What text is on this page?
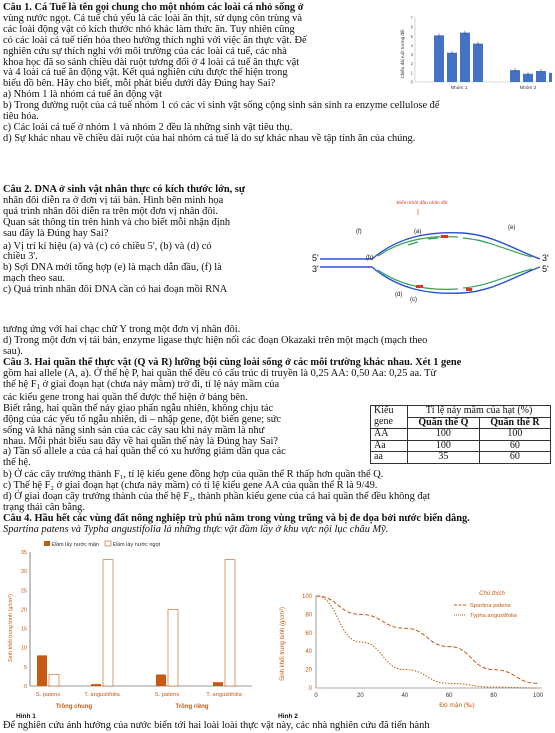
Câu 1. Cá Tuế là tên gọi chung cho một nhóm các loài cá nhỏ sống ở

vùng nước ngọt. Cá tuế chủ yếu là các loài ăn thịt, sử dụng côn trùng và

các loài động vật có kích thước nhỏ khác làm thức ăn. Tuy nhiên cũng

có các loài cá tuế tiến hóa theo hướng thích nghi với việc ăn thực vật. Để

nghiên cứu sự thích nghi với môi trường của các loài cá tuế, các nhà

khoa học đã so sánh chiều dài ruột tương đối ở 4 loài cá tuế ăn thực vật

và 4 loài cá tuế ăn động vật. Kết quả nghiên cứu được thể hiện trong

biểu đồ bên. Hãy cho biết, mỗi phát biểu dưới đây Đúng hay Sai?

a) Nhóm 1 là nhóm cá tuế ăn động vật

b) Trong đường ruột của cá tuế nhóm 1 có các vi sinh vật sống cộng sinh sản sinh ra enzyme cellulose để

tiêu hóa.

c) Các loài cá tuế ở nhóm 1 và nhóm 2 đều là những sinh vật tiêu thụ.

d) Sự khác nhau về chiều dài ruột của hai nhóm cá tuế là do sự khác nhau về tập tính ăn của chúng.

Chiều dài ruột tương đối
0
1
2
3
4
5
6
7
Nhóm 1	Nhóm 2

Câu 2. DNA ở sinh vật nhân thực có kích thước lớn, sự

nhân đôi diễn ra ở đơn vị tái bản. Hình bên minh họa

quá trình nhân đôi diễn ra trên một đơn vị nhân đôi.

Quan sát thông tin trên hình và cho biết mỗi nhận định

sau đây là Đúng hay Sai?

a) Vị trí kí hiệu (a) và (c) có chiều 5', (b) và (d) có

chiều 3'.

b) Sợi DNA mới tổng hợp (e) là mạch dẫn đầu, (f) là

mạch theo sau.

c) Quá trình nhân đôi DNA cần có hai đoạn mồi RNA

tương ứng với hai chạc chữ Y trong một đơn vị nhân đôi.

d) Trong một đơn vị tái bản, enzyme ligase thực hiện nối các đoạn Okazaki trên một mạch (mạch theo

sau).

Điểm khởi đầu nhân đôi
5'
3'
3'
5'
(f)	(a)
(e)
(b)
(d)
(c)

Câu 3. Hai quần thể thực vật (Q và R) lưỡng bội cùng loài sống ở các môi trường khác nhau. Xét 1 gene

gồm hai allele (A, a). Ở thế hệ P, hai quần thể đều có cấu trúc di truyền là 0,25 AA: 0,50 Aa: 0,25 aa. Từ

thế hệ $F_1$ ở giai đoạn hạt (chưa nảy mầm) trở đi, tỉ lệ nảy mầm của

các kiểu gene trong hai quần thể được thể hiện ở bảng bên.

Biết rằng, hai quần thể nảy giao phấn ngẫu nhiên, không chịu tác

động của các yếu tố ngẫu nhiên, di – nhập gene, đột biến gene; sức

sống và khả năng sinh sản của các cây sau khi nảy mầm là như

nhau. Mỗi phát biểu sau đây về hai quần thể này là Đúng hay Sai?

a) Tần số allele a của cả hai quần thể có xu hướng giảm dần qua các

thế hệ.

Kiểu
gene	Tỉ lệ nảy mầm của hạt (%)	
	Quần thể Q	Quần thể R
AA	100	100
Aa	100	60
aa	35	60

b) Ở các cây trưởng thành F₁, tỉ lệ kiểu gene đồng hợp của quần thể R thấp hơn quần thể Q.

c) Thế hệ F₂ ở giai đoạn hạt (chưa nảy mầm) có tỉ lệ kiểu gene AA của quần thể R là 9/49.

d) Ở giai đoạn cây trưởng thành của thế hệ F₂, thành phần kiểu gene của cả hai quần thể đều không đạt

trạng thái cân bằng.

Câu 4. Hầu hết các vùng đất nông nghiệp trù phú nằm trong vùng trũng và bị đe dọa bởi nước biển dâng.

Spartina patens và Typha angustifolia là những thực vật đầm lầy ở khu vực nội lục châu Mỹ.

Đầm lầy nước mặn	Đầm lầy nước ngọt
Sinh khối trung bình (g/cm²)
0
5
10
15
20
25
30
35
S. patens	T. angustifolia	S. patens	T. angustifolia
Trồng chung	Trồng riêng
Hình 1
Chú thích
Spartina patens
Typha angustifolia
Sinh khối trung bình (g/cm²)
0
20
40
60
80
100
0	20	40	60	80	100
Độ mặn (‰)
Hình 2

Để nghiên cứu ảnh hưởng của nước biển tới hai loài loài thực vật này, các nhà nghiên cứu đã tiến hành
